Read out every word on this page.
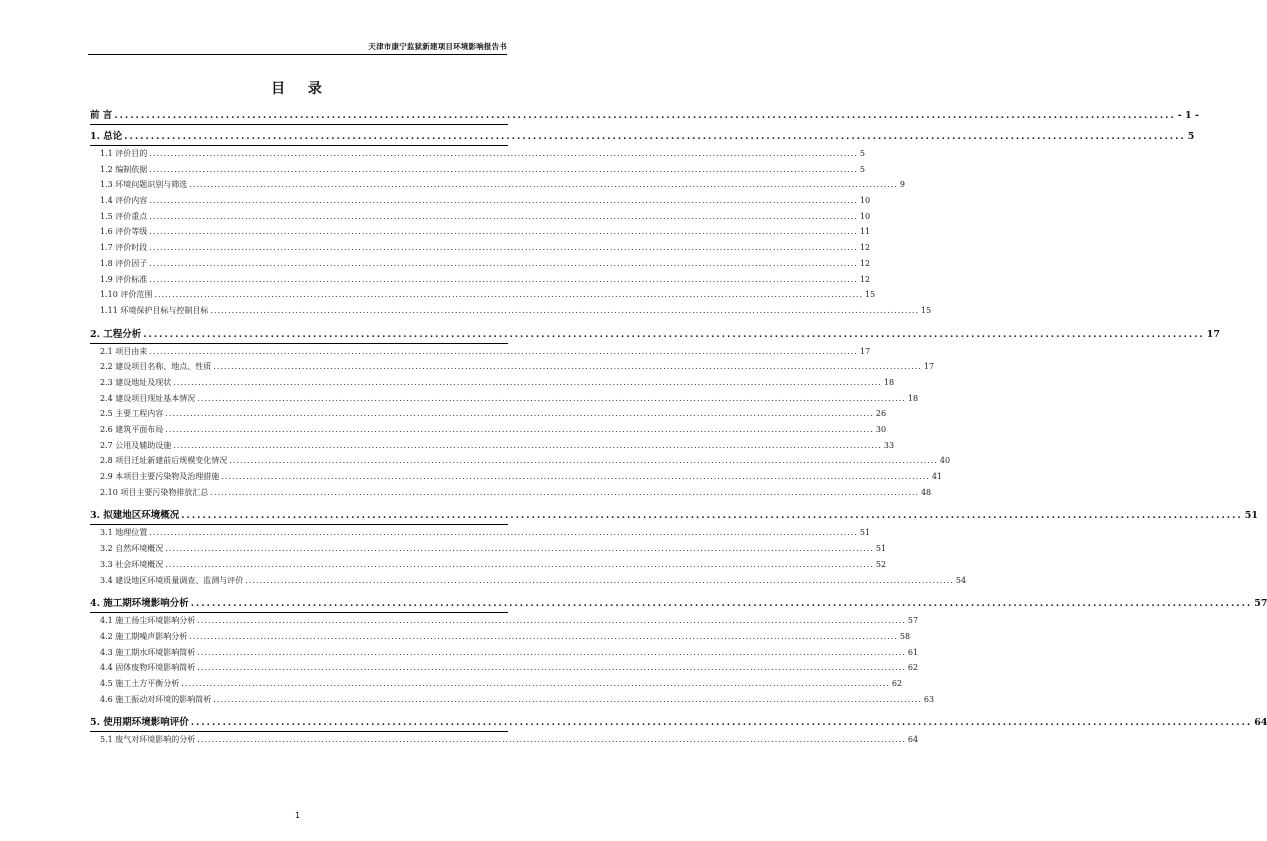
天津市康宁监狱新建项目环境影响报告书
目 录
前 言 ........................................................................................................................................................................................................ - 1 -
1. 总论 ........................................................................................................................................................................................................ 5
1.1 评价目的 ........................................................................................................................................................................................................ 5
1.2 编制依据 ........................................................................................................................................................................................................ 5
1.3 环境问题识别与筛选 ........................................................................................................................................................................................................ 9
1.4 评价内容 ........................................................................................................................................................................................................ 10
1.5 评价重点 ........................................................................................................................................................................................................ 10
1.6 评价等级 ........................................................................................................................................................................................................ 11
1.7 评价时段 ........................................................................................................................................................................................................ 12
1.8 评价因子 ........................................................................................................................................................................................................ 12
1.9 评价标准 ........................................................................................................................................................................................................ 12
1.10 评价范围 ........................................................................................................................................................................................................ 15
1.11 环境保护目标与控制目标 ........................................................................................................................................................................................................ 15
2. 工程分析 ........................................................................................................................................................................................................ 17
2.1 项目由来 ........................................................................................................................................................................................................ 17
2.2 建设项目名称、地点、性质 ........................................................................................................................................................................................................ 17
2.3 建设地址及现状 ........................................................................................................................................................................................................ 18
2.4 建设项目现址基本情况 ........................................................................................................................................................................................................ 18
2.5 主要工程内容 ........................................................................................................................................................................................................ 26
2.6 建筑平面布局 ........................................................................................................................................................................................................ 30
2.7 公用及辅助设施 ........................................................................................................................................................................................................ 33
2.8 项目迁址新建前后规模变化情况 ........................................................................................................................................................................................................ 40
2.9 本项目主要污染物及治理措施 ........................................................................................................................................................................................................ 41
2.10 项目主要污染物排放汇总 ........................................................................................................................................................................................................ 48
3. 拟建地区环境概况 ........................................................................................................................................................................................................ 51
3.1 地理位置 ........................................................................................................................................................................................................ 51
3.2 自然环境概况 ........................................................................................................................................................................................................ 51
3.3 社会环境概况 ........................................................................................................................................................................................................ 52
3.4 建设地区环境质量调查、监测与评价 ........................................................................................................................................................................................................ 54
4. 施工期环境影响分析 ........................................................................................................................................................................................................ 57
4.1 施工扬尘环境影响分析 ........................................................................................................................................................................................................ 57
4.2 施工期噪声影响分析 ........................................................................................................................................................................................................ 58
4.3 施工期水环境影响简析 ........................................................................................................................................................................................................ 61
4.4 固体废物环境影响简析 ........................................................................................................................................................................................................ 62
4.5 施工土方平衡分析 ........................................................................................................................................................................................................ 62
4.6 施工振动对环境的影响简析 ........................................................................................................................................................................................................ 63
5. 使用期环境影响评价 ........................................................................................................................................................................................................ 64
5.1 废气对环境影响的分析 ........................................................................................................................................................................................................ 64
1
